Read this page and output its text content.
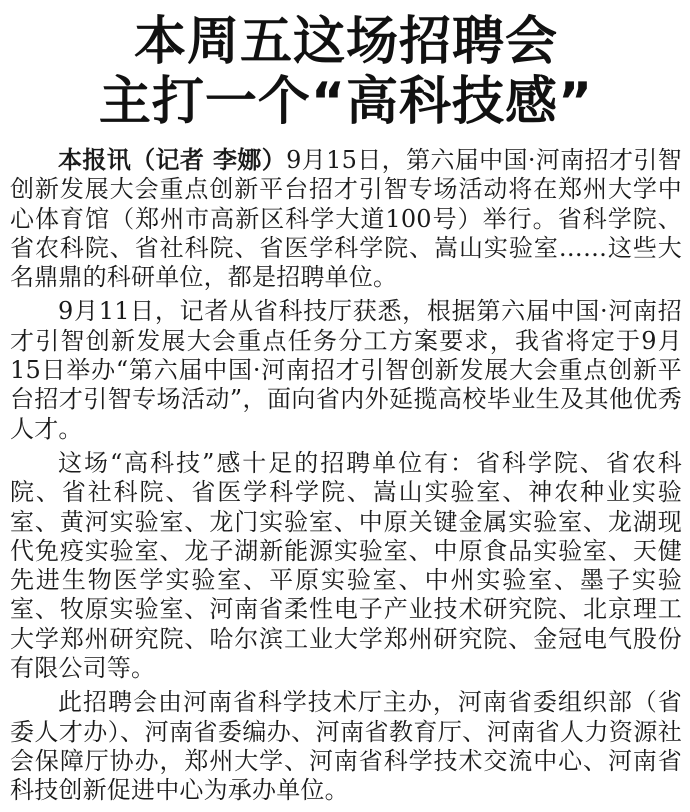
本周五这场招聘会
主打一个“高科技感”

本报讯（记者 李娜）9月15日，第六届中国·河南招才引智创新发展大会重点创新平台招才引智专场活动将在郑州大学中心体育馆（郑州市高新区科学大道100号）举行。省科学院、省农科院、省社科院、省医学科学院、嵩山实验室……这些大名鼎鼎的科研单位，都是招聘单位。

9月11日，记者从省科技厅获悉，根据第六届中国·河南招才引智创新发展大会重点任务分工方案要求，我省将定于9月15日举办“第六届中国·河南招才引智创新发展大会重点创新平台招才引智专场活动”，面向省内外延揽高校毕业生及其他优秀人才。

这场“高科技”感十足的招聘单位有：省科学院、省农科院、省社科院、省医学科学院、嵩山实验室、神农种业实验室、黄河实验室、龙门实验室、中原关键金属实验室、龙湖现代免疫实验室、龙子湖新能源实验室、中原食品实验室、天健先进生物医学实验室、平原实验室、中州实验室、墨子实验室、牧原实验室、河南省柔性电子产业技术研究院、北京理工大学郑州研究院、哈尔滨工业大学郑州研究院、金冠电气股份有限公司等。

此招聘会由河南省科学技术厅主办，河南省委组织部（省委人才办）、河南省委编办、河南省教育厅、河南省人力资源社会保障厅协办，郑州大学、河南省科学技术交流中心、河南省科技创新促进中心为承办单位。
